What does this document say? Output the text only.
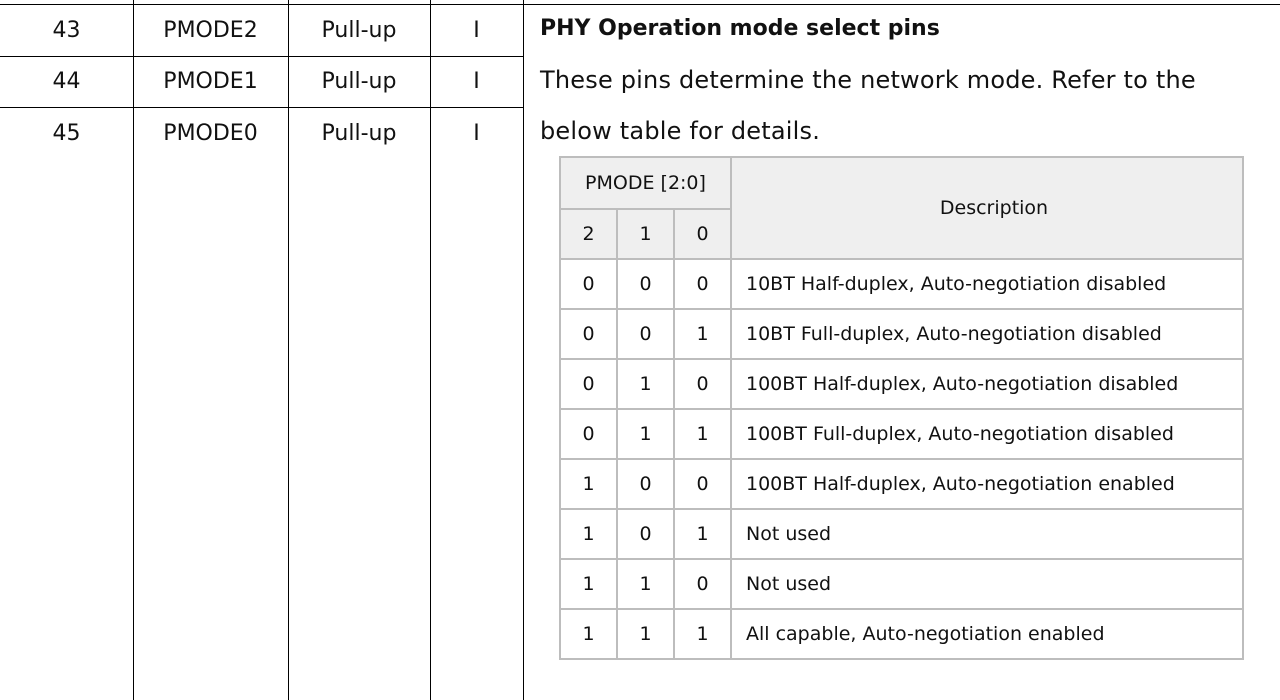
43	PMODE2	Pull-up	I
44	PMODE1	Pull-up	I
45	PMODE0	Pull-up	I
PHY Operation mode select pins
These pins determine the network mode. Refer to the
below table for details.
PMODE [2:0]			Description
2	1	0	
0	0	0	10BT Half-duplex, Auto-negotiation disabled
0	0	1	10BT Full-duplex, Auto-negotiation disabled
0	1	0	100BT Half-duplex, Auto-negotiation disabled
0	1	1	100BT Full-duplex, Auto-negotiation disabled
1	0	0	100BT Half-duplex, Auto-negotiation enabled
1	0	1	Not used
1	1	0	Not used
1	1	1	All capable, Auto-negotiation enabled
